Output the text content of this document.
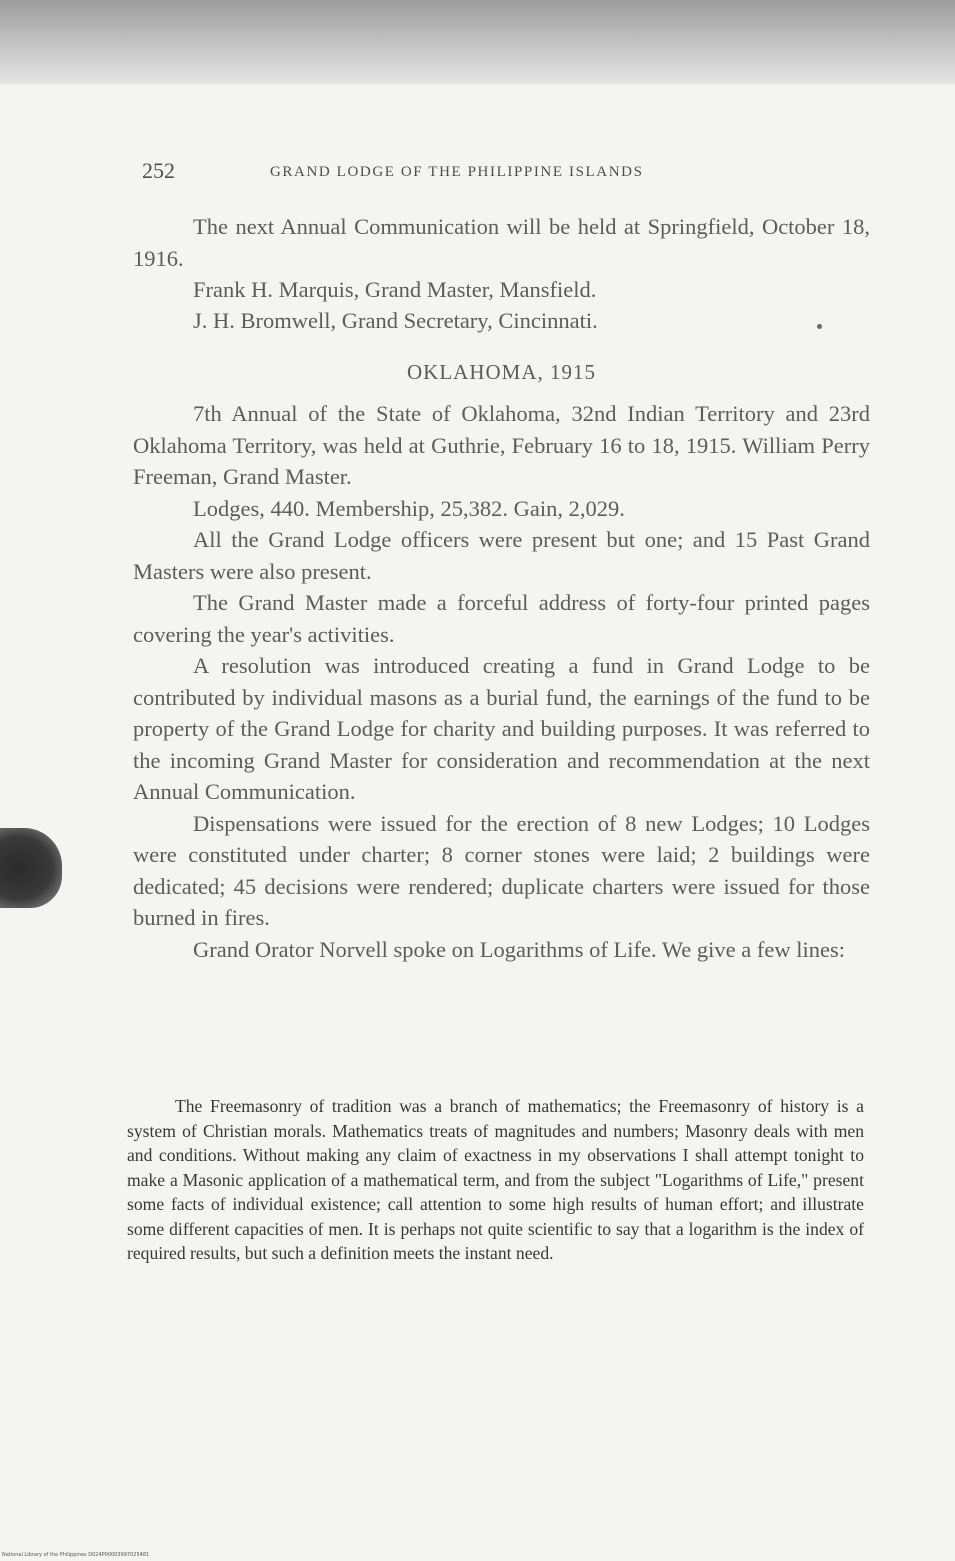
252	GRAND LODGE OF THE PHILIPPINE ISLANDS

The next Annual Communication will be held at Springfield, October 18, 1916.

Frank H. Marquis, Grand Master, Mansfield.

J. H. Bromwell, Grand Secretary, Cincinnati.

OKLAHOMA, 1915

7th Annual of the State of Oklahoma, 32nd Indian Territory and 23rd Oklahoma Territory, was held at Guthrie, February 16 to 18, 1915. William Perry Freeman, Grand Master.

Lodges, 440. Membership, 25,382. Gain, 2,029.

All the Grand Lodge officers were present but one; and 15 Past Grand Masters were also present.

The Grand Master made a forceful address of forty-four printed pages covering the year's activities.

A resolution was introduced creating a fund in Grand Lodge to be contributed by individual masons as a burial fund, the earnings of the fund to be property of the Grand Lodge for charity and building purposes. It was referred to the incoming Grand Master for consideration and recommendation at the next Annual Communication.

Dispensations were issued for the erection of 8 new Lodges; 10 Lodges were constituted under charter; 8 corner stones were laid; 2 buildings were dedicated; 45 decisions were rendered; duplicate charters were issued for those burned in fires.

Grand Orator Norvell spoke on Logarithms of Life. We give a few lines:

The Freemasonry of tradition was a branch of mathematics; the Freemasonry of history is a system of Christian morals. Mathematics treats of magnitudes and numbers; Masonry deals with men and conditions. Without making any claim of exactness in my observations I shall attempt tonight to make a Masonic application of a mathematical term, and from the subject "Logarithms of Life," present some facts of individual existence; call attention to some high results of human effort; and illustrate some different capacities of men. It is perhaps not quite scientific to say that a logarithm is the index of required results, but such a definition meets the instant need.

National Library of the Philippines D024P00003997025481
